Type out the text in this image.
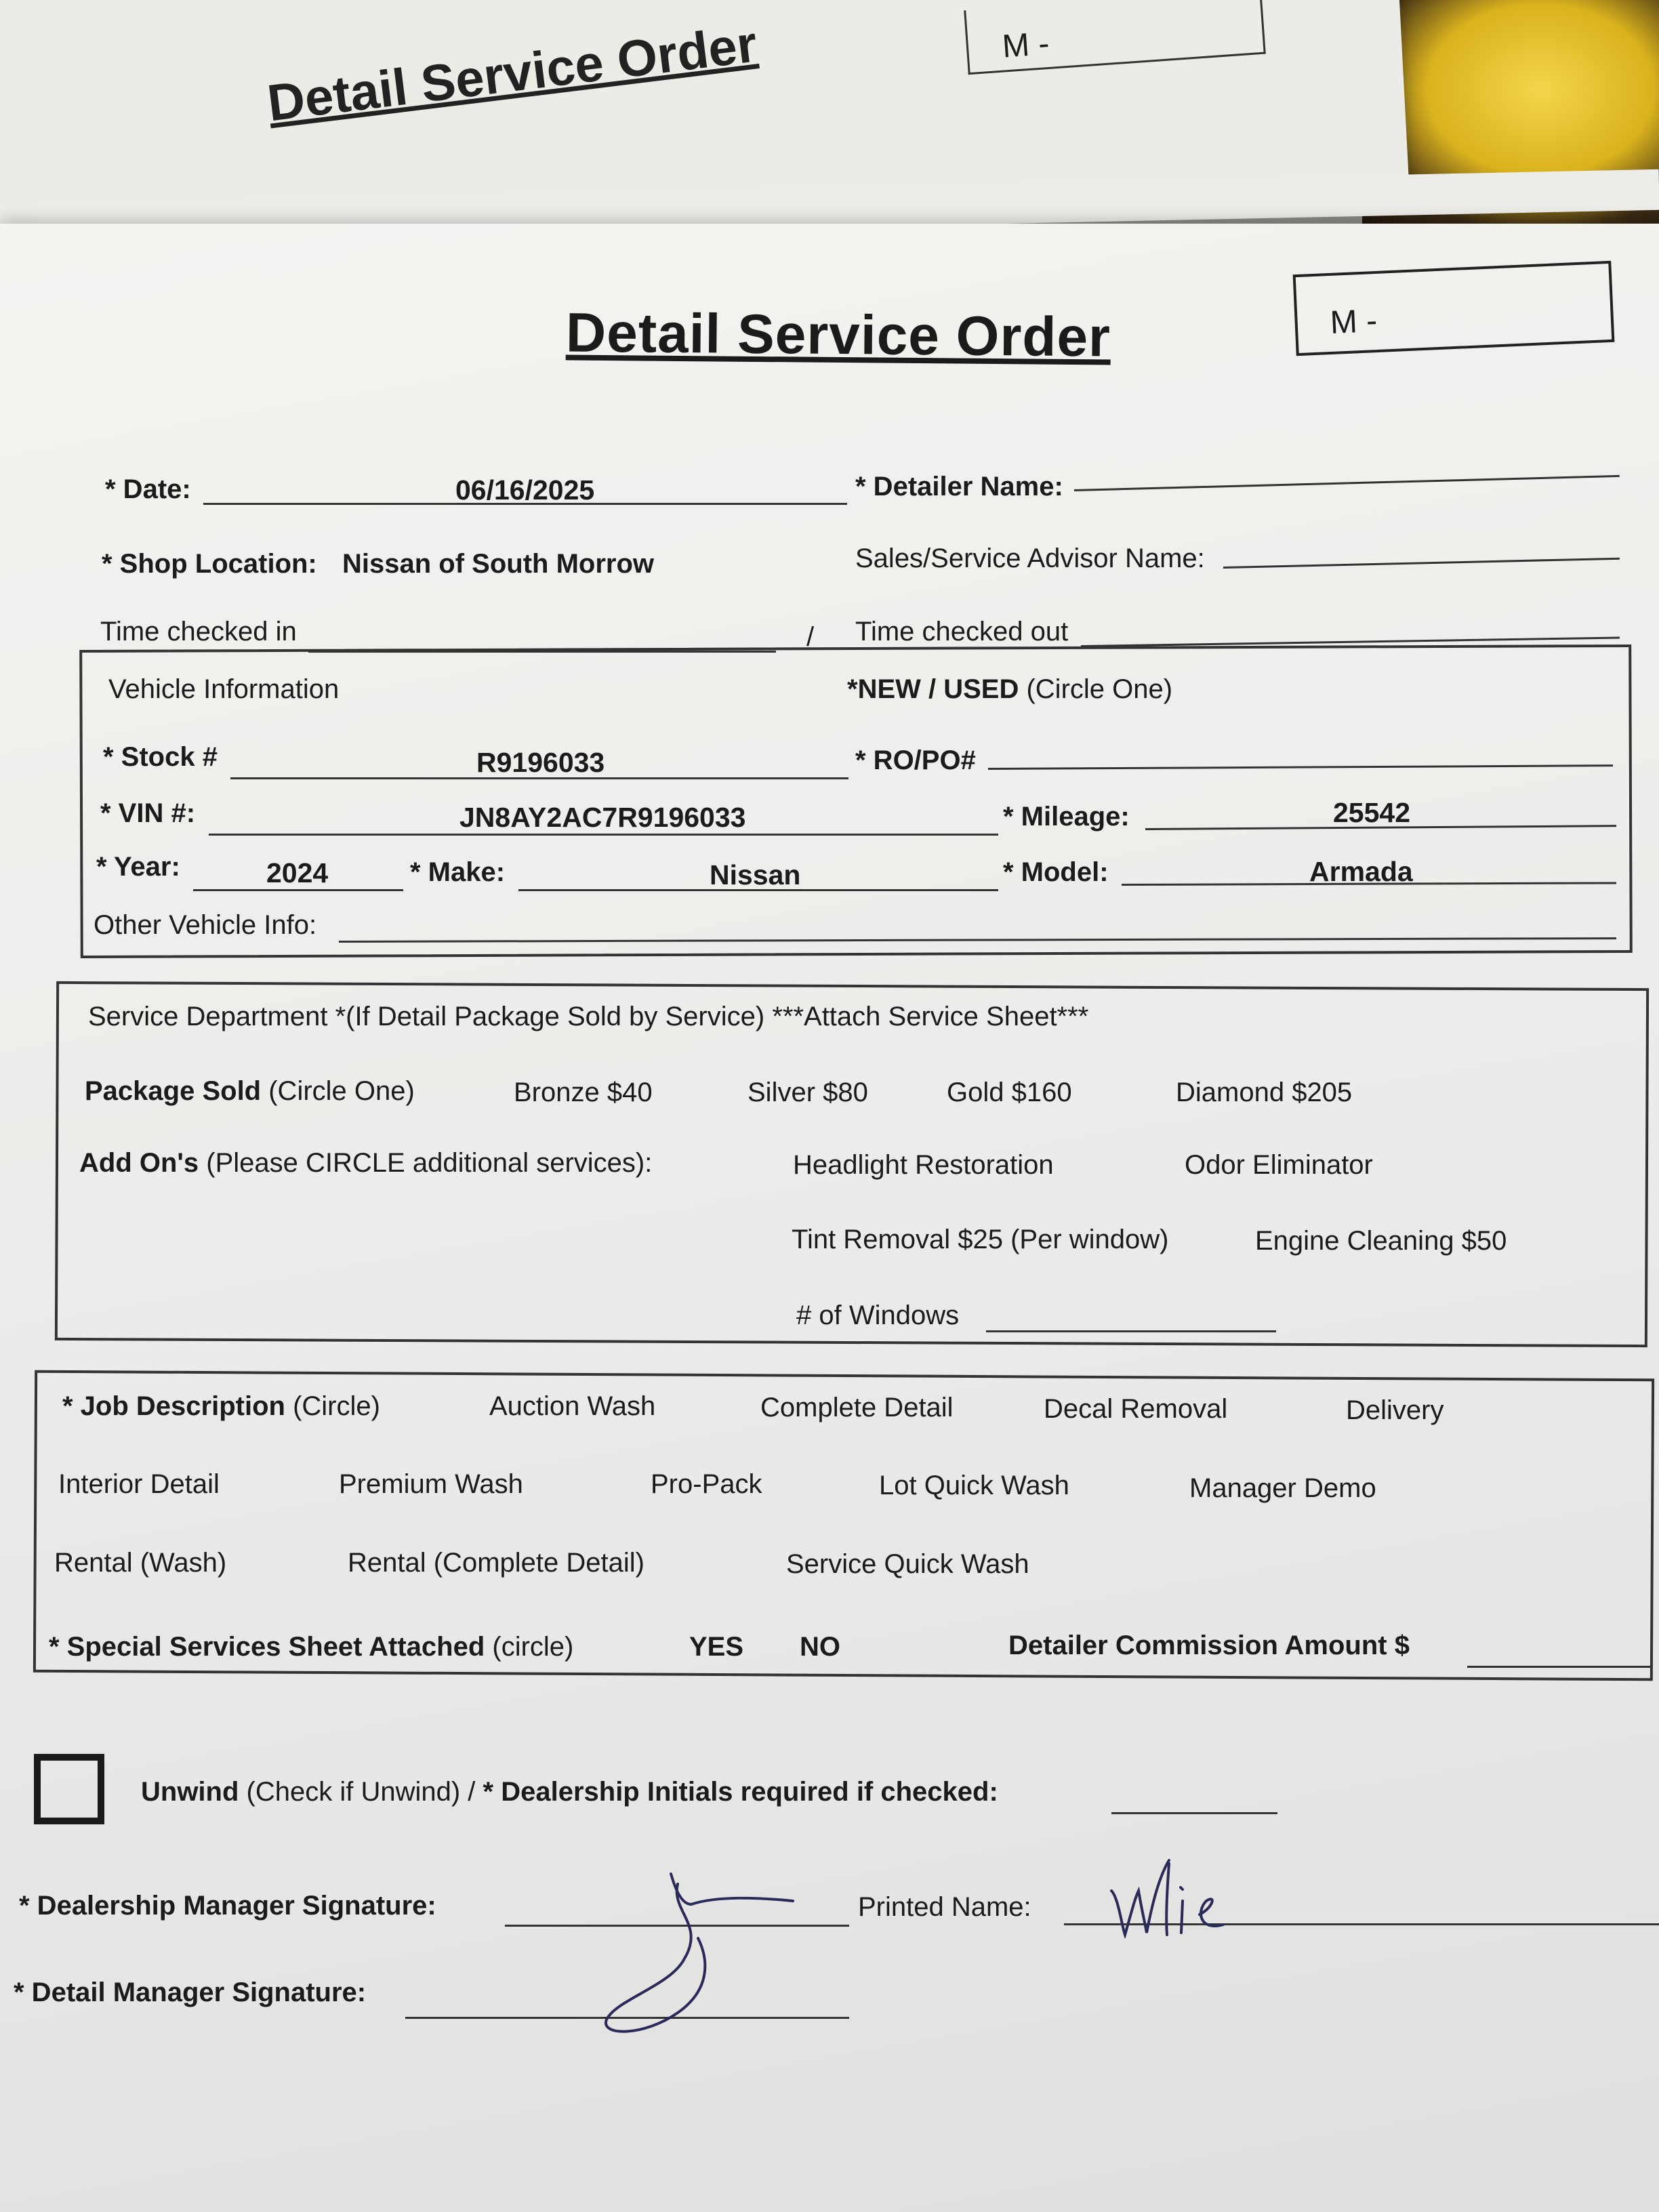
Detail Service Order	M -
Detail Service Order	M -
* Date:	06/16/2025	* Detailer Name:
* Shop Location: Nissan of South Morrow	Sales/Service Advisor Name:
Time checked in	/ Time checked out
Vehicle Information	*NEW / USED (Circle One)
* Stock #	R9196033	* RO/PO#
* VIN #:	JN8AY2AC7R9196033	* Mileage:	25542
* Year:	2024	* Make:	Nissan	* Model:	Armada
Other Vehicle Info:
Service Department *(If Detail Package Sold by Service) ***Attach Service Sheet***
Package Sold (Circle One)	Bronze $40	Silver $80	Gold $160	Diamond $205
Add On's (Please CIRCLE additional services):	Headlight Restoration	Odor Eliminator
Tint Removal $25 (Per window)	Engine Cleaning $50
# of Windows
* Job Description (Circle)	Auction Wash	Complete Detail	Decal Removal	Delivery
Interior Detail	Premium Wash	Pro-Pack	Lot Quick Wash	Manager Demo
Rental (Wash)	Rental (Complete Detail)	Service Quick Wash
* Special Services Sheet Attached (circle)	YES NO	Detailer Commission Amount $
Unwind (Check if Unwind) / * Dealership Initials required if checked:
* Dealership Manager Signature:	Printed Name:
* Detail Manager Signature:
